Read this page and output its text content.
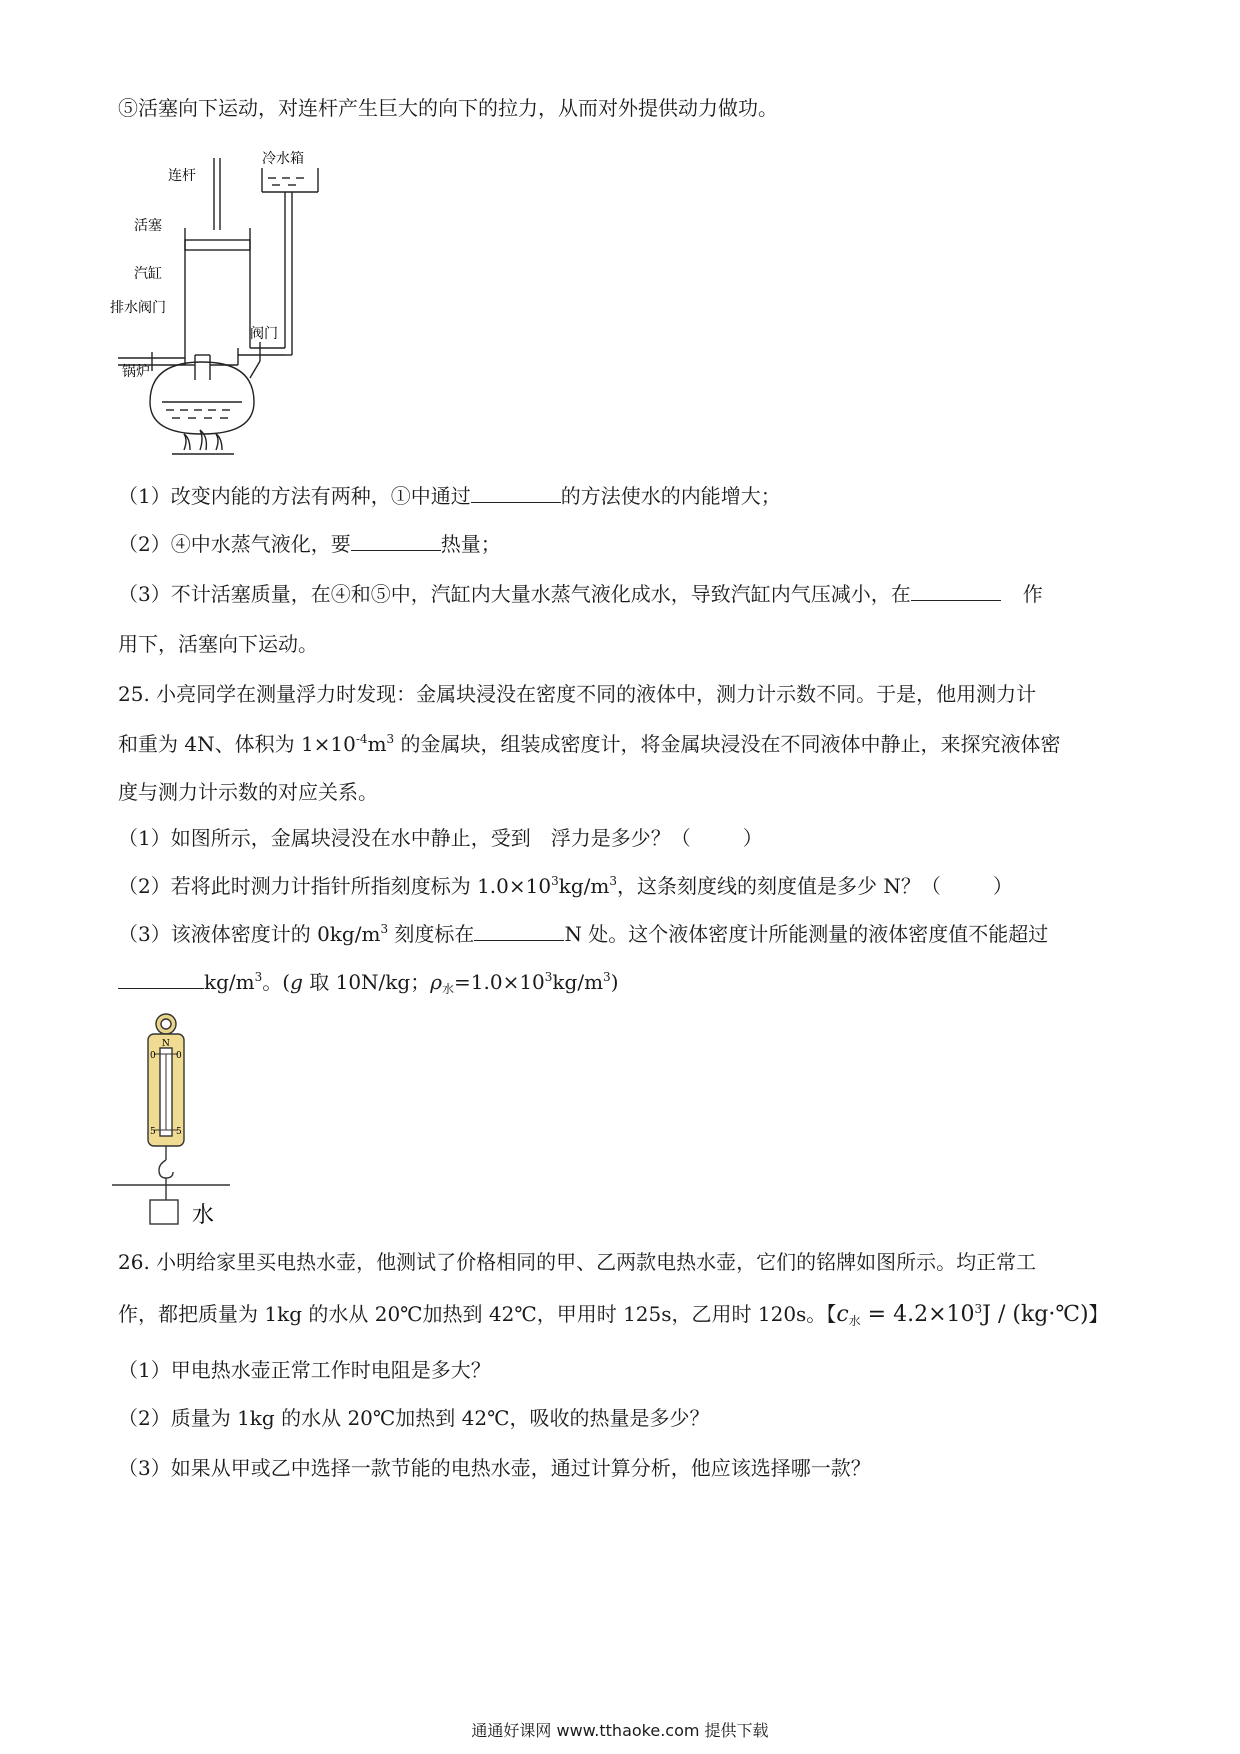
⑤活塞向下运动，对连杆产生巨大的向下的拉力，从而对外提供动力做功。
连杆
活塞
汽缸
排水阀门
锅炉
冷水箱
阀门
（1）改变内能的方法有两种，①中通过	的方法使水的内能增大；
（2）④中水蒸气液化，要	热量；
（3）不计活塞质量，在④和⑤中，汽缸内大量水蒸气液化成水，导致汽缸内气压减小，在	作
用下，活塞向下运动。
25. 小亮同学在测量浮力时发现：金属块浸没在密度不同的液体中，测力计示数不同。于是，他用测力计
和重为 4N、体积为 $1\times 10^{-4}m^3$ 的金属块，组装成密度计，将金属块浸没在不同液体中静止，来探究液体密
度与测力计示数的对应关系。
（1）如图所示，金属块浸没在水中静止，受到　浮力是多少？（	）
（2）若将此时测力计指针所指刻度标为 $1.0\times 10^3kg/m^3$，这条刻度线的刻度值是多少 N？（	）
（3）该液体密度计的 $0kg/m^3$ 刻度标在	N 处。这个液体密度计所能测量的液体密度值不能超过
$kg/m^3$。(g 取 10N/kg；$\rho_水=1.0\times 10^3kg/m^3$)
N
0 0
5 5
水
26. 小明给家里买电热水壶，他测试了价格相同的甲、乙两款电热水壶，它们的铭牌如图所示。均正常工
作，都把质量为 1kg 的水从 20℃加热到 42℃，甲用时 125s，乙用时 120s。【$c_水 = 4.2\times 10^3J$ / (kg·℃)】
（1）甲电热水壶正常工作时电阻是多大？
（2）质量为 1kg 的水从 20℃加热到 42℃，吸收的热量是多少？
（3）如果从甲或乙中选择一款节能的电热水壶，通过计算分析，他应该选择哪一款？
通通好课网 www.tthaoke.com 提供下载
